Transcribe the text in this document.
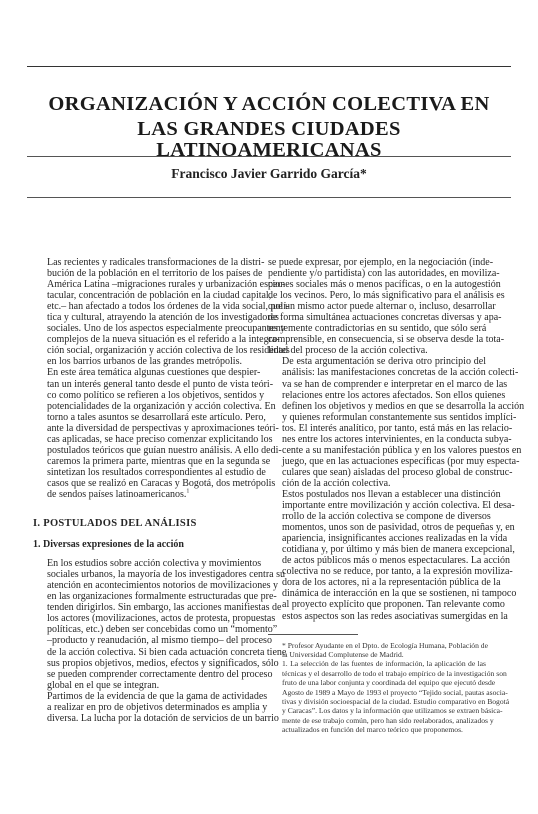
ORGANIZACIÓN Y ACCIÓN COLECTIVA EN
LAS GRANDES CIUDADES LATINOAMERICANAS
Francisco Javier Garrido García*

Las recientes y radicales transformaciones de la distri-
bución de la población en el territorio de los países de
América Latina –migraciones rurales y urbanización espec-
tacular, concentración de población en la ciudad capital,
etc.– han afectado a todos los órdenes de la vida social, polí-
tica y cultural, atrayendo la atención de los investigadores
sociales. Uno de los aspectos especialmente preocupantes y
complejos de la nueva situación es el referido a la integra-
ción social, organización y acción colectiva de los residentes
en los barrios urbanos de las grandes metrópolis.

En este área temática algunas cuestiones que despier-
tan un interés general tanto desde el punto de vista teóri-
co como político se refieren a los objetivos, sentidos y
potencialidades de la organización y acción colectiva. En
torno a tales asuntos se desarrollará este artículo. Pero,
ante la diversidad de perspectivas y aproximaciones teóri-
cas aplicadas, se hace preciso comenzar explicitando los
postulados teóricos que guían nuestro análisis. A ello dedi-
caremos la primera parte, mientras que en la segunda se
sintetizan los resultados correspondientes al estudio de
casos que se realizó en Caracas y Bogotá, dos metrópolis
de sendos países latinoamericanos.$^1$

I. POSTULADOS DEL ANÁLISIS

1. Diversas expresiones de la acción

En los estudios sobre acción colectiva y movimientos
sociales urbanos, la mayoría de los investigadores centra su
atención en acontecimientos notorios de movilizaciones y
en las organizaciones formalmente estructuradas que pre-
tenden dirigirlos. Sin embargo, las acciones manifiestas de
los actores (movilizaciones, actos de protesta, propuestas
políticas, etc.) deben ser concebidas como un “momento”
–producto y reanudación, al mismo tiempo– del proceso
de la acción colectiva. Si bien cada actuación concreta tiene
sus propios objetivos, medios, efectos y significados, sólo
se pueden comprender correctamente dentro del proceso
global en el que se integran.

Partimos de la evidencia de que la gama de actividades
a realizar en pro de objetivos determinados es amplia y
diversa. La lucha por la dotación de servicios de un barrio

se puede expresar, por ejemplo, en la negociación (inde-
pendiente y/o partidista) con las autoridades, en moviliza-
ciones sociales más o menos pacíficas, o en la autogestión
de los vecinos. Pero, lo más significativo para el análisis es
que un mismo actor puede alternar o, incluso, desarrollar
de forma simultánea actuaciones concretas diversas y apa-
rentemente contradictorias en su sentido, que sólo será
comprensible, en consecuencia, si se observa desde la tota-
lidad del proceso de la acción colectiva.

De esta argumentación se deriva otro principio del
análisis: las manifestaciones concretas de la acción colecti-
va se han de comprender e interpretar en el marco de las
relaciones entre los actores afectados. Son ellos quienes
definen los objetivos y medios en que se desarrolla la acción
y quienes reformulan constantemente sus sentidos implíci-
tos. El interés analítico, por tanto, está más en las relacio-
nes entre los actores intervinientes, en la conducta subya-
cente a su manifestación pública y en los valores puestos en
juego, que en las actuaciones específicas (por muy especta-
culares que sean) aisladas del proceso global de construc-
ción de la acción colectiva.

Estos postulados nos llevan a establecer una distinción
importante entre movilización y acción colectiva. El desa-
rrollo de la acción colectiva se compone de diversos
momentos, unos son de pasividad, otros de pequeñas y, en
apariencia, insignificantes acciones realizadas en la vida
cotidiana y, por último y más bien de manera excepcional,
de actos públicos más o menos espectaculares. La acción
colectiva no se reduce, por tanto, a la expresión moviliza-
dora de los actores, ni a la representación pública de la
dinámica de interacción en la que se sostienen, ni tampoco
al proyecto explícito que proponen. Tan relevante como
estos aspectos son las redes asociativas sumergidas en la

* Profesor Ayudante en el Dpto. de Ecología Humana, Población de
la Universidad Complutense de Madrid.

1. La selección de las fuentes de información, la aplicación de las
técnicas y el desarrollo de todo el trabajo empírico de la investigación son
fruto de una labor conjunta y coordinada del equipo que ejecutó desde
Agosto de 1989 a Mayo de 1993 el proyecto “Tejido social, pautas asocia-
tivas y división socioespacial de la ciudad. Estudio comparativo en Bogotá
y Caracas”. Los datos y la información que utilizamos se extraen básica-
mente de ese trabajo común, pero han sido reelaborados, analizados y
actualizados en función del marco teórico que proponemos.
